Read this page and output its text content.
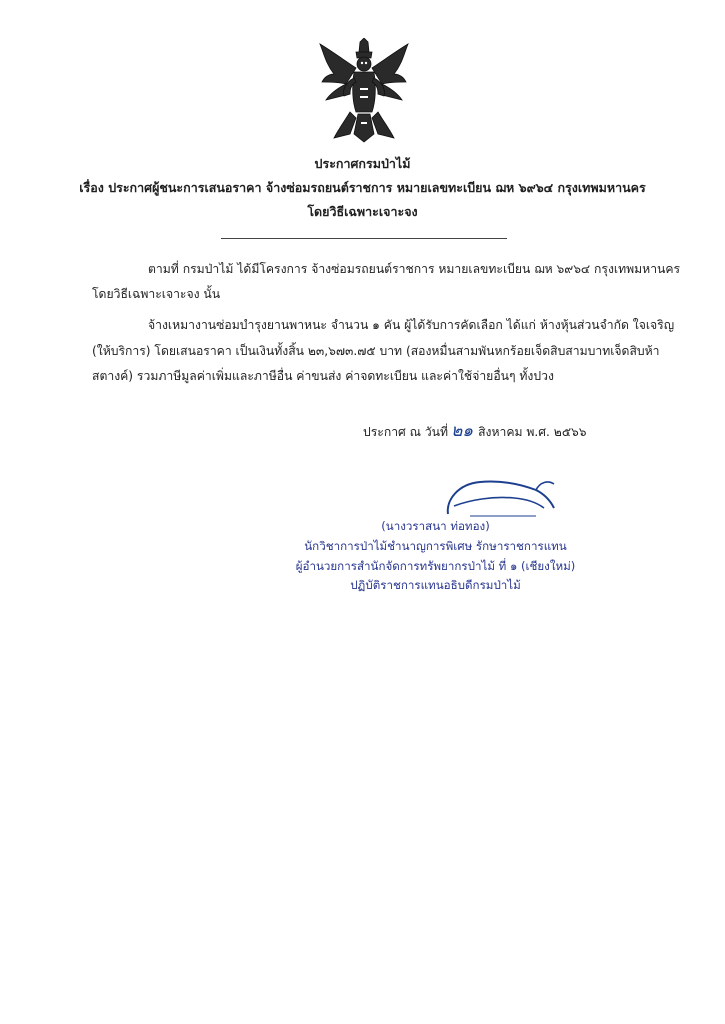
ประกาศกรมป่าไม้
เรื่อง ประกาศผู้ชนะการเสนอราคา จ้างซ่อมรถยนต์ราชการ หมายเลขทะเบียน ฌห ๖๙๖๔ กรุงเทพมหานคร
โดยวิธีเฉพาะเจาะจง
ตามที่ กรมป่าไม้ ได้มีโครงการ จ้างซ่อมรถยนต์ราชการ หมายเลขทะเบียน ฌห ๖๙๖๔ กรุงเทพมหานคร
โดยวิธีเฉพาะเจาะจง นั้น
จ้างเหมางานซ่อมบำรุงยานพาหนะ จำนวน ๑ คัน ผู้ได้รับการคัดเลือก ได้แก่ ห้างหุ้นส่วนจำกัด ใจเจริญ
(ให้บริการ) โดยเสนอราคา เป็นเงินทั้งสิ้น ๒๓,๖๗๓.๗๕ บาท (สองหมื่นสามพันหกร้อยเจ็ดสิบสามบาทเจ็ดสิบห้า
สตางค์) รวมภาษีมูลค่าเพิ่มและภาษีอื่น ค่าขนส่ง ค่าจดทะเบียน และค่าใช้จ่ายอื่นๆ ทั้งปวง
ประกาศ ณ วันที่ ๒๑ สิงหาคม พ.ศ. ๒๕๖๖
(นางวราสนา ท่อทอง)
นักวิชาการป่าไม้ชำนาญการพิเศษ รักษาราชการแทน
ผู้อำนวยการสำนักจัดการทรัพยากรป่าไม้ ที่ ๑ (เชียงใหม่)
ปฏิบัติราชการแทนอธิบดีกรมป่าไม้
